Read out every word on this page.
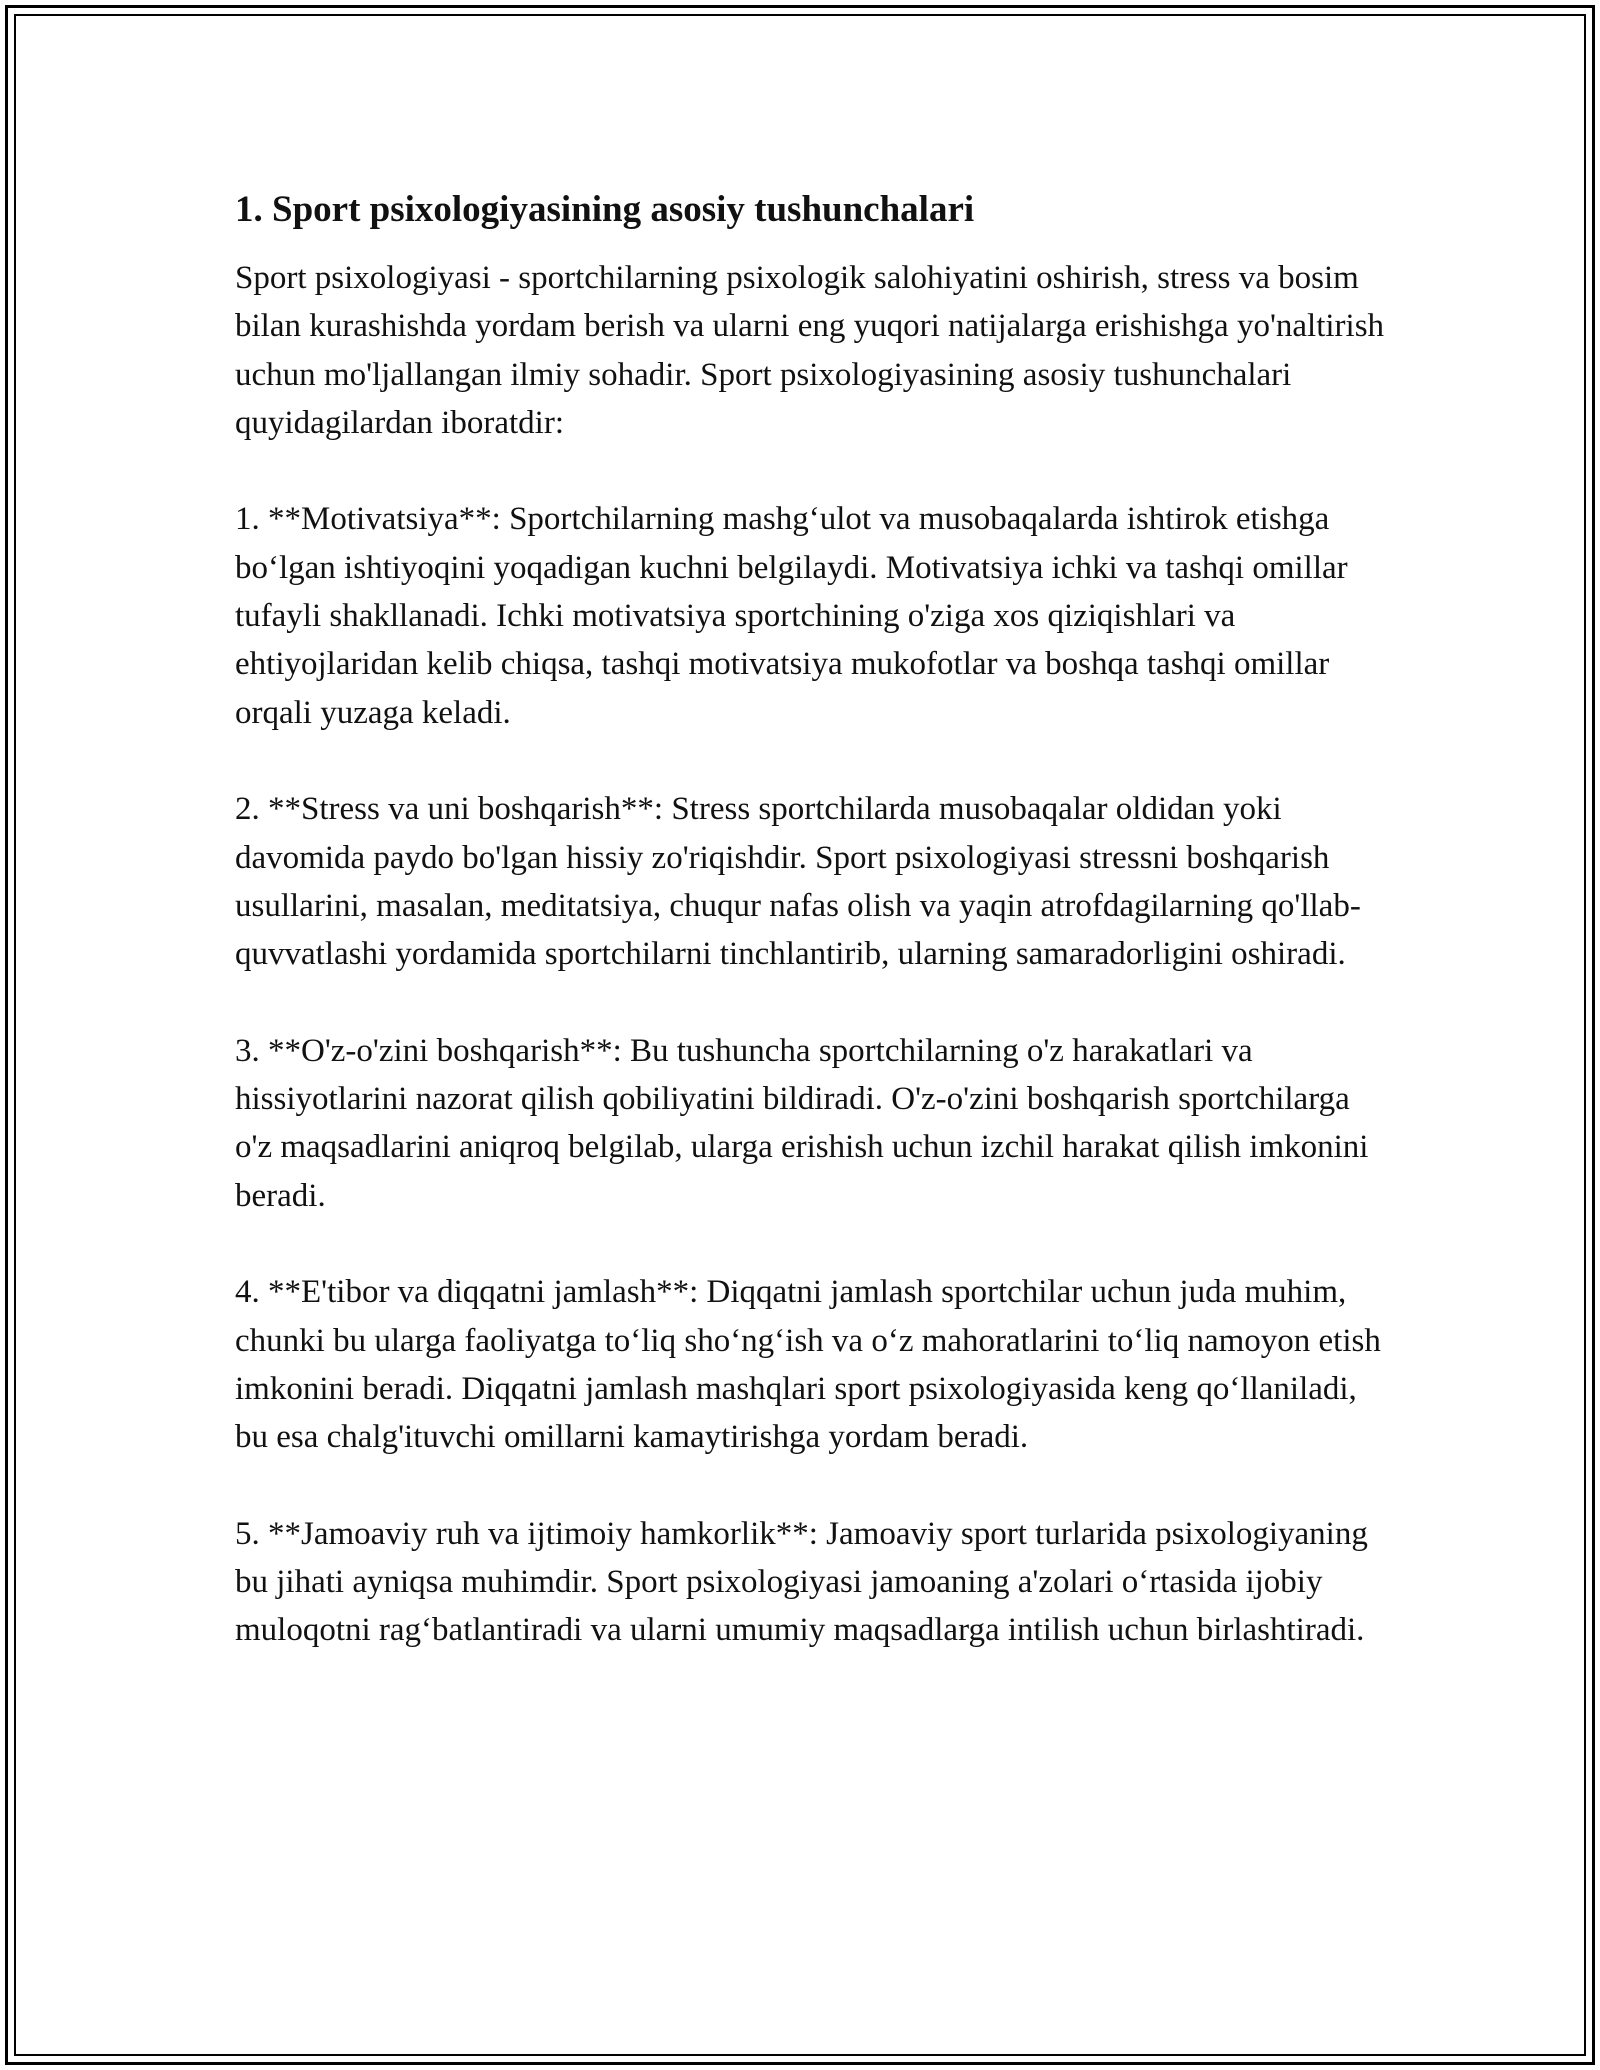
1. Sport psixologiyasining asosiy tushunchalari

Sport psixologiyasi - sportchilarning psixologik salohiyatini oshirish, stress va bosim bilan kurashishda yordam berish va ularni eng yuqori natijalarga erishishga yo'naltirish uchun mo'ljallangan ilmiy sohadir. Sport psixologiyasining asosiy tushunchalari quyidagilardan iboratdir:

1. **Motivatsiya**: Sportchilarning mashg‘ulot va musobaqalarda ishtirok etishga bo‘lgan ishtiyoqini yoqadigan kuchni belgilaydi. Motivatsiya ichki va tashqi omillar tufayli shakllanadi. Ichki motivatsiya sportchining o'ziga xos qiziqishlari va ehtiyojlaridan kelib chiqsa, tashqi motivatsiya mukofotlar va boshqa tashqi omillar orqali yuzaga keladi.

2. **Stress va uni boshqarish**: Stress sportchilarda musobaqalar oldidan yoki davomida paydo bo'lgan hissiy zo'riqishdir. Sport psixologiyasi stressni boshqarish usullarini, masalan, meditatsiya, chuqur nafas olish va yaqin atrofdagilarning qo'llab-quvvatlashi yordamida sportchilarni tinchlantirib, ularning samaradorligini oshiradi.

3. **O'z-o'zini boshqarish**: Bu tushuncha sportchilarning o'z harakatlari va hissiyotlarini nazorat qilish qobiliyatini bildiradi. O'z-o'zini boshqarish sportchilarga o'z maqsadlarini aniqroq belgilab, ularga erishish uchun izchil harakat qilish imkonini beradi.

4. **E'tibor va diqqatni jamlash**: Diqqatni jamlash sportchilar uchun juda muhim, chunki bu ularga faoliyatga to‘liq sho‘ng‘ish va o‘z mahoratlarini to‘liq namoyon etish imkonini beradi. Diqqatni jamlash mashqlari sport psixologiyasida keng qo‘llaniladi, bu esa chalg'ituvchi omillarni kamaytirishga yordam beradi.

5. **Jamoaviy ruh va ijtimoiy hamkorlik**: Jamoaviy sport turlarida psixologiyaning bu jihati ayniqsa muhimdir. Sport psixologiyasi jamoaning a'zolari o‘rtasida ijobiy muloqotni rag‘batlantiradi va ularni umumiy maqsadlarga intilish uchun birlashtiradi.
